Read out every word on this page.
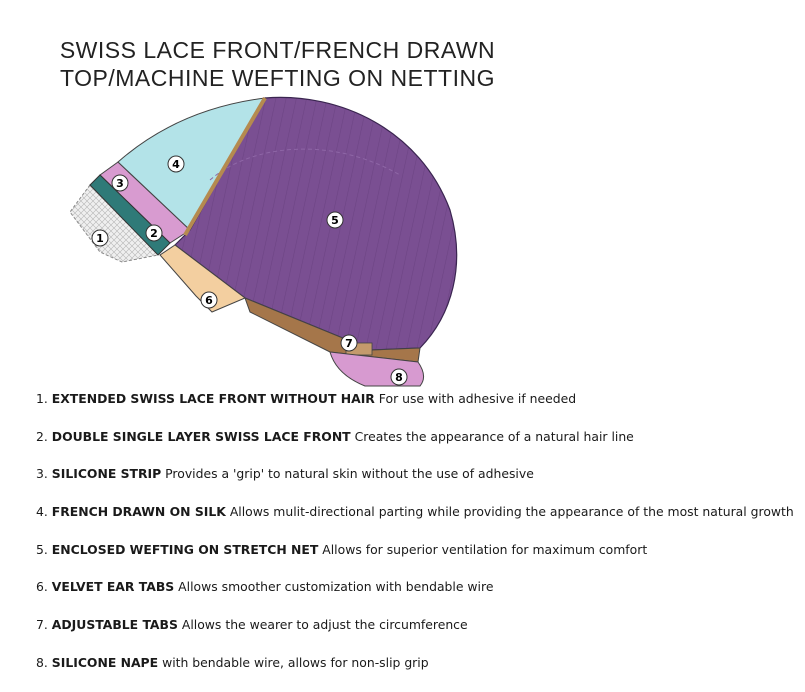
SWISS LACE FRONT/FRENCH DRAWN
TOP/MACHINE WEFTING ON NETTING
1	2
3
4
5
6
7
8
1. EXTENDED SWISS LACE FRONT WITHOUT HAIR For use with adhesive if needed
2. DOUBLE SINGLE LAYER SWISS LACE FRONT Creates the appearance of a natural hair line
3. SILICONE STRIP Provides a 'grip' to natural skin without the use of adhesive
4. FRENCH DRAWN ON SILK Allows mulit-directional parting while providing the appearance of the most natural growth
5. ENCLOSED WEFTING ON STRETCH NET Allows for superior ventilation for maximum comfort
6. VELVET EAR TABS Allows smoother customization with bendable wire
7. ADJUSTABLE TABS Allows the wearer to adjust the circumference
8. SILICONE NAPE with bendable wire, allows for non-slip grip
